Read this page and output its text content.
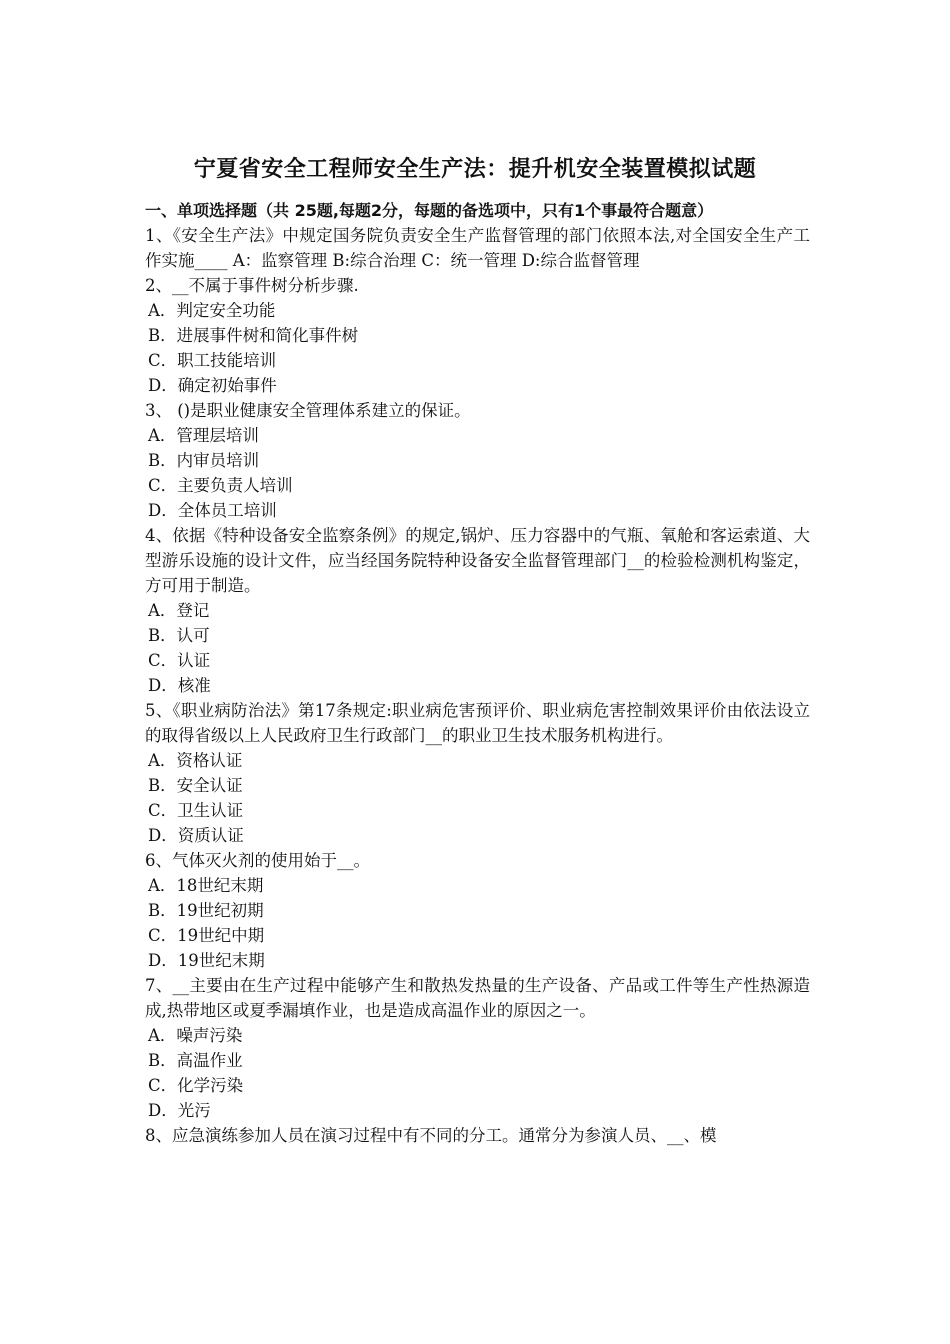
宁夏省安全工程师安全生产法：提升机安全装置模拟试题

一、单项选择题（共 25题,每题2分，每题的备选项中，只有1个事最符合题意）

1、《安全生产法》中规定国务院负责安全生产监督管理的部门依照本法,对全国安全生产工作实施____ A：监察管理 B:综合治理 C：统一管理 D:综合监督管理

2、__不属于事件树分析步骤.

A．判定安全功能

B．进展事件树和简化事件树

C．职工技能培训

D．确定初始事件

3、 ()是职业健康安全管理体系建立的保证。

A．管理层培训

B．内审员培训

C．主要负责人培训

D．全体员工培训

4、依据《特种设备安全监察条例》的规定,锅炉、压力容器中的气瓶、氧舱和客运索道、大型游乐设施的设计文件，应当经国务院特种设备安全监督管理部门__的检验检测机构鉴定，方可用于制造。

A．登记

B．认可

C．认证

D．核准

5、《职业病防治法》第17条规定:职业病危害预评价、职业病危害控制效果评价由依法设立的取得省级以上人民政府卫生行政部门__的职业卫生技术服务机构进行。

A．资格认证

B．安全认证

C．卫生认证

D．资质认证

6、气体灭火剂的使用始于__。

A．18世纪末期

B．19世纪初期

C．19世纪中期

D．19世纪末期

7、__主要由在生产过程中能够产生和散热发热量的生产设备、产品或工件等生产性热源造成,热带地区或夏季漏填作业，也是造成高温作业的原因之一。

A．噪声污染

B．高温作业

C．化学污染

D．光污

8、应急演练参加人员在演习过程中有不同的分工。通常分为参演人员、__、模
